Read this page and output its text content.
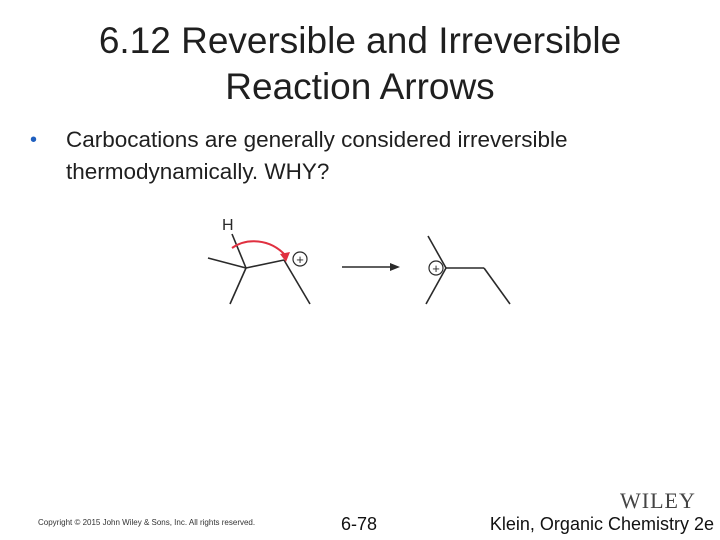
6.12 Reversible and Irreversible
Reaction Arrows
• Carbocations are generally considered irreversible thermodynamically. WHY?
H
+
+
Copyright © 2015 John Wiley & Sons, Inc. All rights reserved.	6-78
WILEY
Klein, Organic Chemistry 2e
